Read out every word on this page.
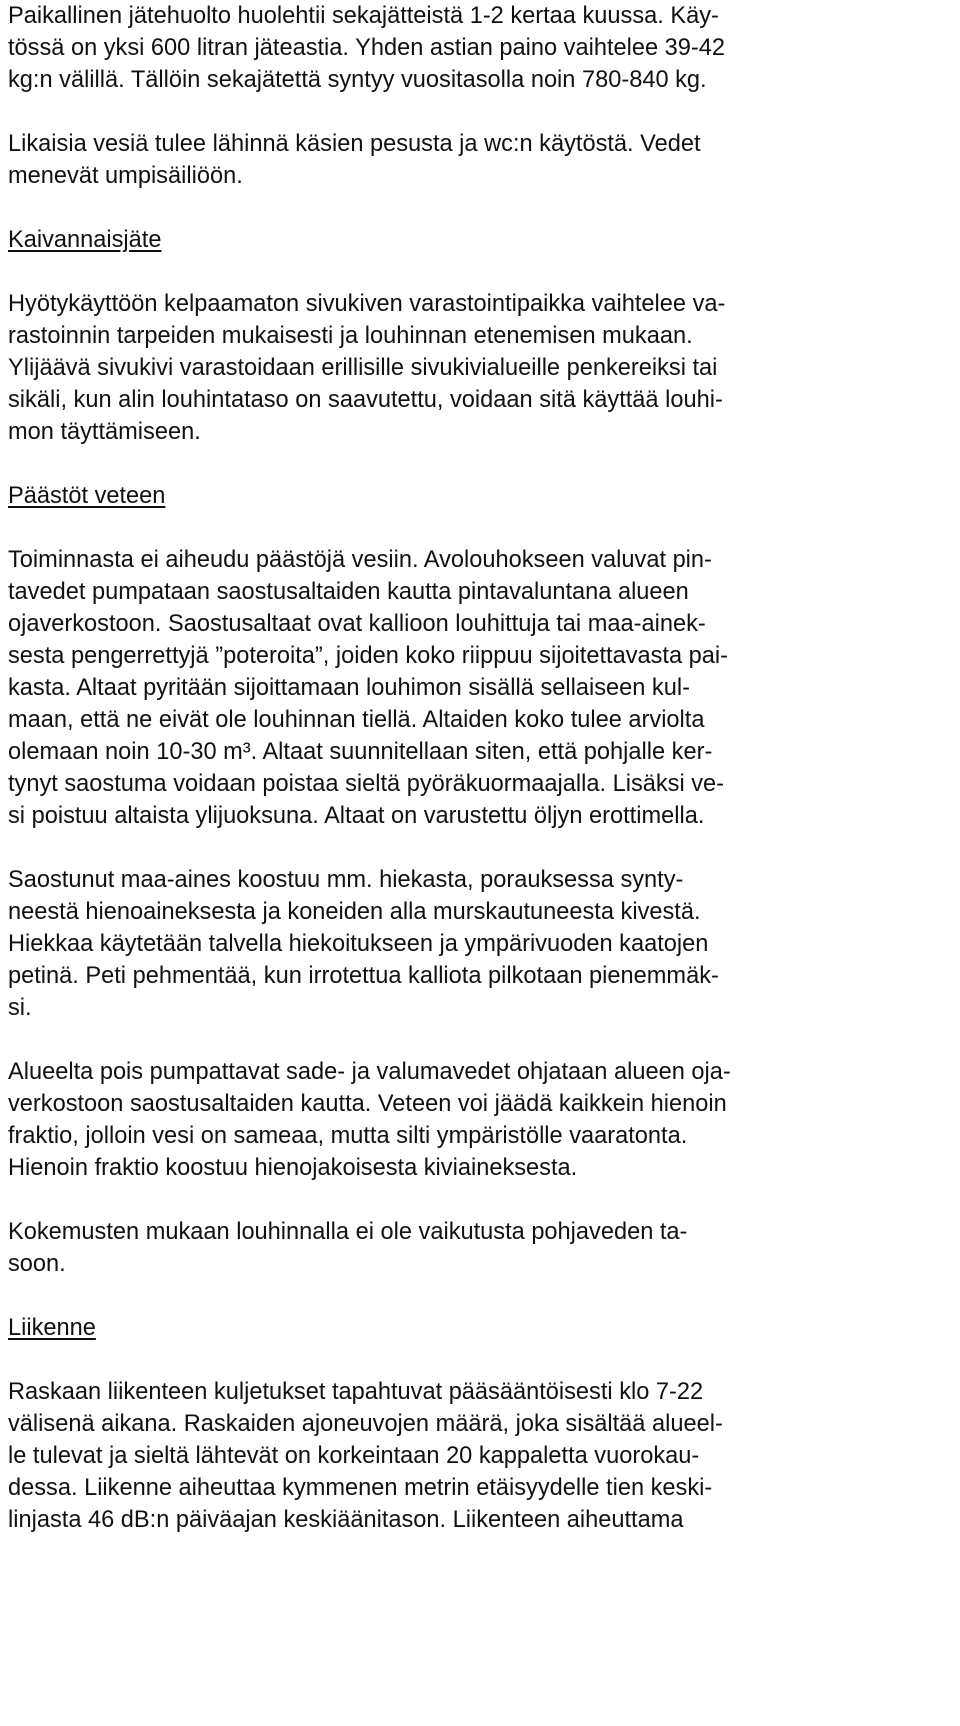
Paikallinen jätehuolto huolehtii sekajätteistä 1-2 kertaa kuussa. Käy-
tössä on yksi 600 litran jäteastia. Yhden astian paino vaihtelee 39-42
kg:n välillä. Tällöin sekajätettä syntyy vuositasolla noin 780-840 kg.

Likaisia vesiä tulee lähinnä käsien pesusta ja wc:n käytöstä. Vedet
menevät umpisäiliöön.

Kaivannaisjäte

Hyötykäyttöön kelpaamaton sivukiven varastointipaikka vaihtelee va-
rastoinnin tarpeiden mukaisesti ja louhinnan etenemisen mukaan.
Ylijäävä sivukivi varastoidaan erillisille sivukivialueille penkereiksi tai
sikäli, kun alin louhintataso on saavutettu, voidaan sitä käyttää louhi-
mon täyttämiseen.

Päästöt veteen

Toiminnasta ei aiheudu päästöjä vesiin. Avolouhokseen valuvat pin-
tavedet pumpataan saostusaltaiden kautta pintavaluntana alueen
ojaverkostoon. Saostusaltaat ovat kallioon louhittuja tai maa-ainek-
sesta pengerrettyjä ”poteroita”, joiden koko riippuu sijoitettavasta pai-
kasta. Altaat pyritään sijoittamaan louhimon sisällä sellaiseen kul-
maan, että ne eivät ole louhinnan tiellä. Altaiden koko tulee arviolta
olemaan noin 10-30 m³. Altaat suunnitellaan siten, että pohjalle ker-
tynyt saostuma voidaan poistaa sieltä pyöräkuormaajalla. Lisäksi ve-
si poistuu altaista ylijuoksuna. Altaat on varustettu öljyn erottimella.

Saostunut maa-aines koostuu mm. hiekasta, porauksessa synty-
neestä hienoaineksesta ja koneiden alla murskautuneesta kivestä.
Hiekkaa käytetään talvella hiekoitukseen ja ympärivuoden kaatojen
petinä. Peti pehmentää, kun irrotettua kalliota pilkotaan pienemmäk-
si.

Alueelta pois pumpattavat sade- ja valumavedet ohjataan alueen oja-
verkostoon saostusaltaiden kautta. Veteen voi jäädä kaikkein hienoin
fraktio, jolloin vesi on sameaa, mutta silti ympäristölle vaaratonta.
Hienoin fraktio koostuu hienojakoisesta kiviaineksesta.

Kokemusten mukaan louhinnalla ei ole vaikutusta pohjaveden ta-
soon.

Liikenne

Raskaan liikenteen kuljetukset tapahtuvat pääsääntöisesti klo 7-22
välisenä aikana. Raskaiden ajoneuvojen määrä, joka sisältää alueel-
le tulevat ja sieltä lähtevät on korkeintaan 20 kappaletta vuorokau-
dessa. Liikenne aiheuttaa kymmenen metrin etäisyydelle tien keski-
linjasta 46 dB:n päiväajan keskiäänitason. Liikenteen aiheuttama
